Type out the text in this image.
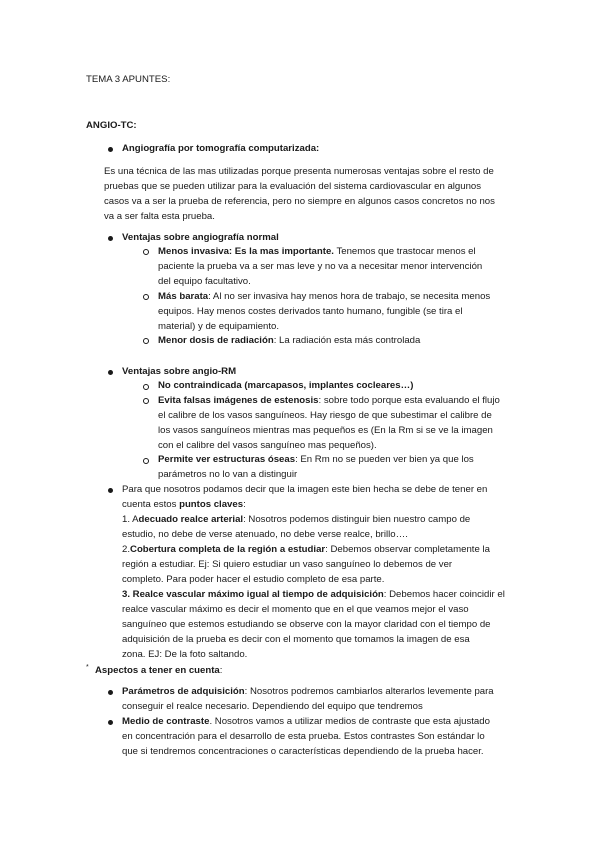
TEMA 3 APUNTES:
ANGIO-TC:
Angiografía por tomografía computarizada:
Es una técnica de las mas utilizadas porque presenta numerosas ventajas sobre el resto de
pruebas que se pueden utilizar para la evaluación del sistema cardiovascular en algunos
casos va a ser la prueba de referencia, pero no siempre en algunos casos concretos no nos
va a ser falta esta prueba.
Ventajas sobre angiografía normal
Menos invasiva: Es la mas importante. Tenemos que trastocar menos el
paciente la prueba va a ser mas leve y no va a necesitar menor intervención
del equipo facultativo.
Más barata: Al no ser invasiva hay menos hora de trabajo, se necesita menos
equipos. Hay menos costes derivados tanto humano, fungible (se tira el
material) y de equipamiento.
Menor dosis de radiación: La radiación esta más controlada
Ventajas sobre angio-RM
No contraindicada (marcapasos, implantes cocleares…)
Evita falsas imágenes de estenosis: sobre todo porque esta evaluando el flujo
el calibre de los vasos sanguíneos. Hay riesgo de que subestimar el calibre de
los vasos sanguíneos mientras mas pequeños es (En la Rm si se ve la imagen
con el calibre del vasos sanguíneo mas pequeños).
Permite ver estructuras óseas: En Rm no se pueden ver bien ya que los
parámetros no lo van a distinguir
Para que nosotros podamos decir que la imagen este bien hecha se debe de tener en
cuenta estos puntos claves:
1. Adecuado realce arterial: Nosotros podemos distinguir bien nuestro campo de
estudio, no debe de verse atenuado, no debe verse realce, brillo….
2.Cobertura completa de la región a estudiar: Debemos observar completamente la
región a estudiar. Ej: Si quiero estudiar un vaso sanguíneo lo debemos de ver
completo. Para poder hacer el estudio completo de esa parte.
3. Realce vascular máximo igual al tiempo de adquisición: Debemos hacer coincidir el
realce vascular máximo es decir el momento que en el que veamos mejor el vaso
sanguíneo que estemos estudiando se observe con la mayor claridad con el tiempo de
adquisición de la prueba es decir con el momento que tomamos la imagen de esa
zona. EJ: De la foto saltando.
* Aspectos a tener en cuenta:
Parámetros de adquisición: Nosotros podremos cambiarlos alterarlos levemente para
conseguir el realce necesario. Dependiendo del equipo que tendremos
Medio de contraste. Nosotros vamos a utilizar medios de contraste que esta ajustado
en concentración para el desarrollo de esta prueba. Estos contrastes Son estándar lo
que si tendremos concentraciones o características dependiendo de la prueba hacer.
